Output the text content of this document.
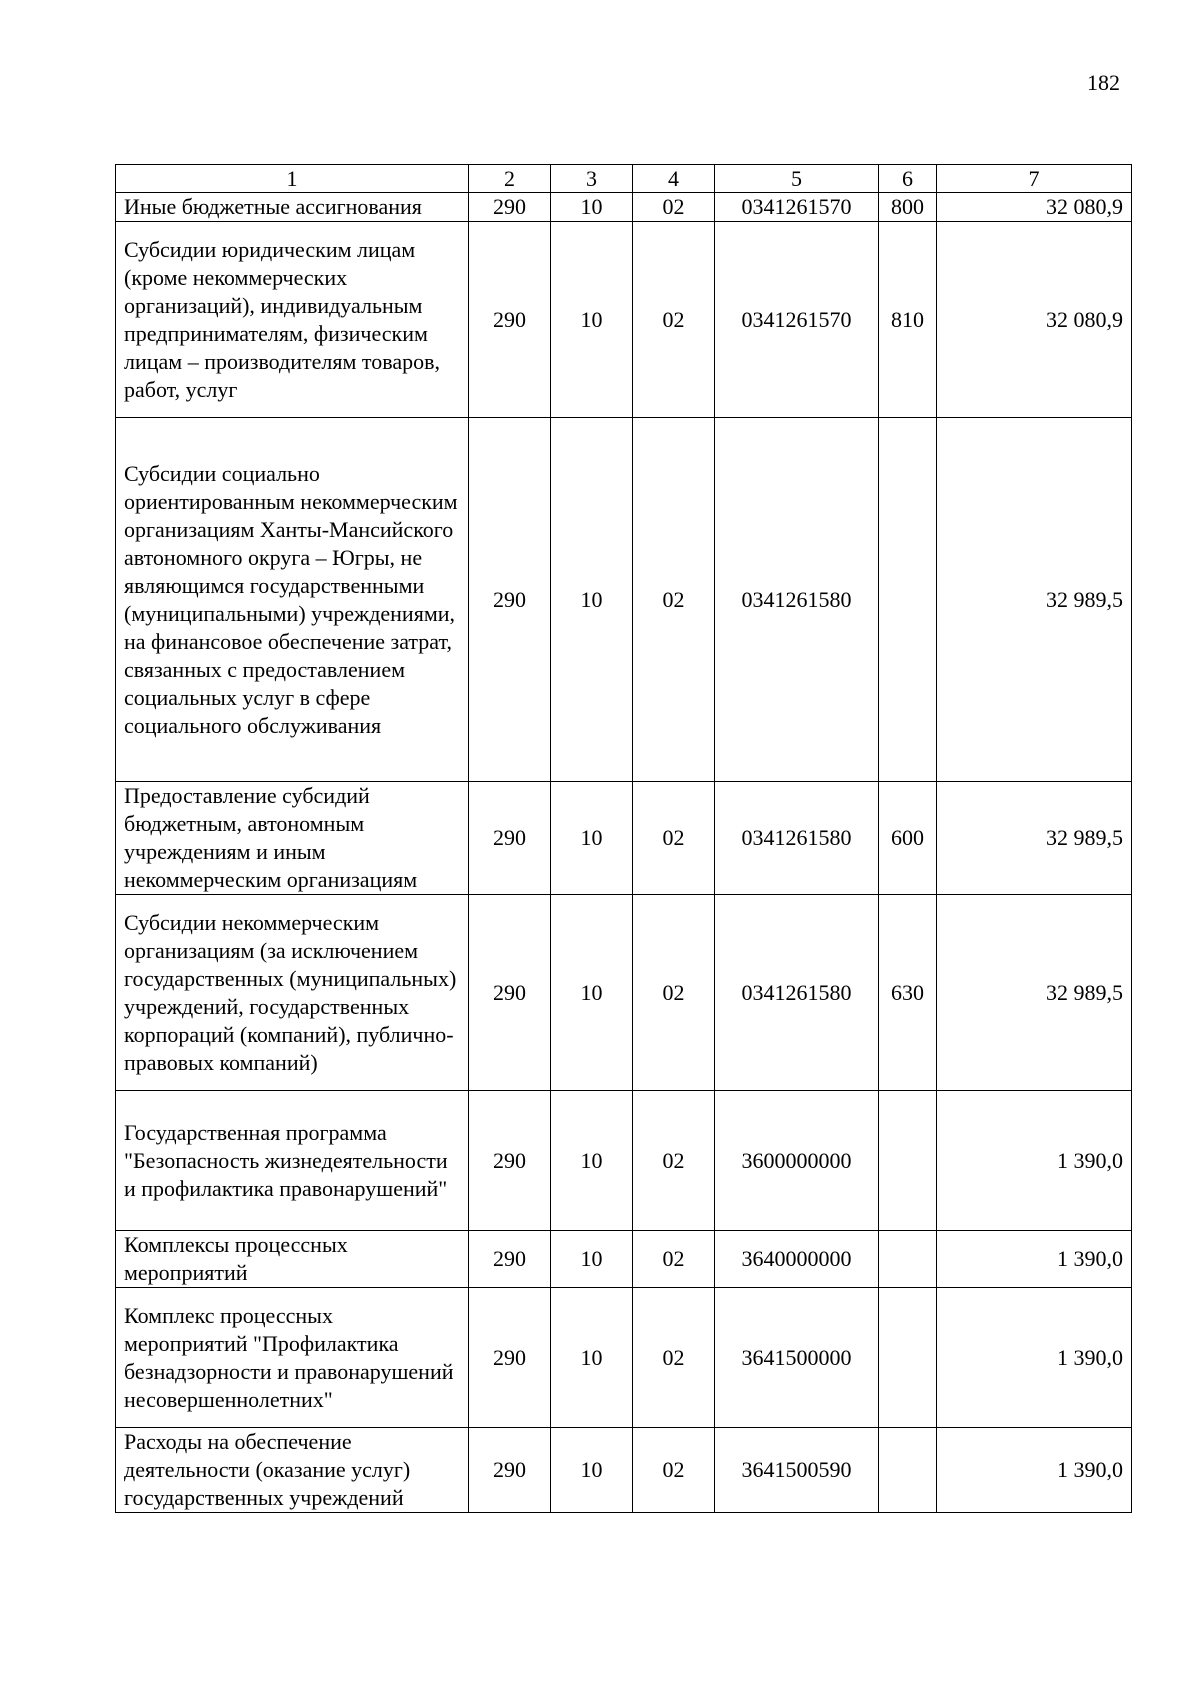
182
1	2	3	4	5	6	7
Иные бюджетные ассигнования	290	10	02	0341261570	800	32 080,9
Субсидии юридическим лицам (кроме некоммерческих организаций), индивидуальным предпринимателям, физическим лицам – производителям товаров, работ, услуг	290	10	02	0341261570	810	32 080,9
Субсидии социально ориентированным некоммерческим организациям Ханты-Мансийского автономного округа – Югры, не являющимся государственными (муниципальными) учреждениями, на финансовое обеспечение затрат, связанных с предоставлением социальных услуг в сфере социального обслуживания	290	10	02	0341261580		32 989,5
Предоставление субсидий бюджетным, автономным учреждениям и иным некоммерческим организациям	290	10	02	0341261580	600	32 989,5
Субсидии некоммерческим организациям (за исключением государственных (муниципальных) учреждений, государственных корпораций (компаний), публично-правовых компаний)	290	10	02	0341261580	630	32 989,5
Государственная программа "Безопасность жизнедеятельности и профилактика правонарушений"	290	10	02	3600000000		1 390,0
Комплексы процессных мероприятий	290	10	02	3640000000		1 390,0
Комплекс процессных мероприятий "Профилактика безнадзорности и правонарушений несовершеннолетних"	290	10	02	3641500000		1 390,0
Расходы на обеспечение деятельности (оказание услуг) государственных учреждений	290	10	02	3641500590		1 390,0
